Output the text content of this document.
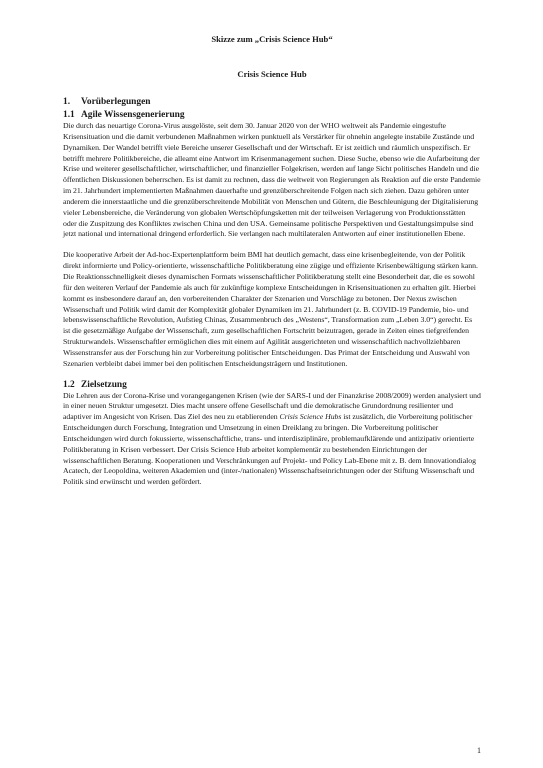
Skizze zum „Crisis Science Hub“
Crisis Science Hub
1. Vorüberlegungen
1.1 Agile Wissensgenerierung

Die durch das neuartige Corona-Virus ausgelöste, seit dem 30. Januar 2020 von der WHO weltweit als Pandemie eingestufte Krisensituation und die damit verbundenen Maßnahmen wirken punktuell als Verstärker für ohnehin angelegte instabile Zustände und Dynamiken. Der Wandel betrifft viele Bereiche unserer Gesellschaft und der Wirtschaft. Er ist zeitlich und räumlich unspezifisch. Er betrifft mehrere Politikbereiche, die alleamt eine Antwort im Krisenmanagement suchen. Diese Suche, ebenso wie die Aufarbeitung der Krise und weiterer gesellschaftlicher, wirtschaftlicher, und finanzieller Folgekrisen, werden auf lange Sicht politisches Handeln und die öffentlichen Diskussionen beherrschen. Es ist damit zu rechnen, dass die weltweit von Regierungen als Reaktion auf die erste Pandemie im 21. Jahrhundert implementierten Maßnahmen dauerhafte und grenzüberschreitende Folgen nach sich ziehen. Dazu gehören unter anderem die innerstaatliche und die grenzüberschreitende Mobilität von Menschen und Gütern, die Beschleunigung der Digitalisierung vieler Lebensbereiche, die Veränderung von globalen Wertschöpfungsketten mit der teilweisen Verlagerung von Produktionsstätten oder die Zuspitzung des Konfliktes zwischen China und den USA. Gemeinsame politische Perspektiven und Gestaltungsimpulse sind jetzt national und international dringend erforderlich. Sie verlangen nach multilateralen Antworten auf einer institutionellen Ebene.

Die kooperative Arbeit der Ad-hoc-Expertenplattform beim BMI hat deutlich gemacht, dass eine krisenbegleitende, von der Politik direkt informierte und Policy-orientierte, wissenschaftliche Politikberatung eine zügige und effiziente Krisenbewältigung stärken kann. Die Reaktionsschnelligkeit dieses dynamischen Formats wissenschaftlicher Politikberatung stellt eine Besonderheit dar, die es sowohl für den weiteren Verlauf der Pandemie als auch für zukünftige komplexe Entscheidungen in Krisensituationen zu erhalten gilt. Hierbei kommt es insbesondere darauf an, den vorbereitenden Charakter der Szenarien und Vorschläge zu betonen. Der Nexus zwischen Wissenschaft und Politik wird damit der Komplexität globaler Dynamiken im 21. Jahrhundert (z. B. COVID-19 Pandemie, bio- und lebenswissenschaftliche Revolution, Aufstieg Chinas, Zusammenbruch des „Westens“, Transformation zum „Leben 3.0“) gerecht. Es ist die gesetzmäßige Aufgabe der Wissenschaft, zum gesellschaftlichen Fortschritt beizutragen, gerade in Zeiten eines tiefgreifenden Strukturwandels. Wissenschaftler ermöglichen dies mit einem auf Agilität ausgerichteten und wissenschaftlich nachvollziehbaren Wissenstransfer aus der Forschung hin zur Vorbereitung politischer Entscheidungen. Das Primat der Entscheidung und Auswahl von Szenarien verbleibt dabei immer bei den politischen Entscheidungsträgern und Institutionen.

1.2 Zielsetzung

Die Lehren aus der Corona-Krise und vorangegangenen Krisen (wie der SARS-I und der Finanzkrise 2008/2009) werden analysiert und in einer neuen Struktur umgesetzt. Dies macht unsere offene Gesellschaft und die demokratische Grundordnung resilienter und adaptiver im Angesicht von Krisen. Das Ziel des neu zu etablierenden Crisis Science Hubs ist zusätzlich, die Vorbereitung politischer Entscheidungen durch Forschung, Integration und Umsetzung in einen Dreiklang zu bringen. Die Vorbereitung politischer Entscheidungen wird durch fokussierte, wissenschaftliche, trans- und interdisziplinäre, problemaufklärende und antizipativ orientierte Politikberatung in Krisen verbessert. Der Crisis Science Hub arbeitet komplementär zu bestehenden Einrichtungen der wissenschaftlichen Beratung. Kooperationen und Verschränkungen auf Projekt- und Policy Lab-Ebene mit z. B. dem Innovationdialog Acatech, der Leopoldina, weiteren Akademien und (inter-/nationalen) Wissenschaftseinrichtungen oder der Stiftung Wissenschaft und Politik sind erwünscht und werden gefördert.

1
